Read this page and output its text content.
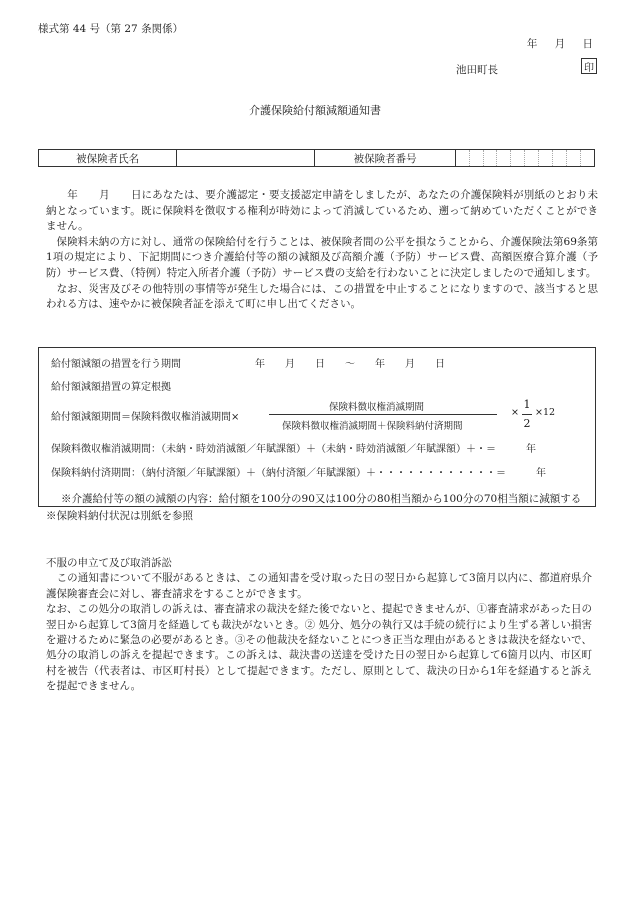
様式第 44 号（第 27 条関係）
年 月 日
池田町長	印
介護保険給付額減額通知書
被保険者氏名		被保険者番号	

　　年　　月　　日にあなたは、要介護認定・要支援認定申請をしましたが、あなたの介護保険料が別紙のとおり未納となっています。既に保険料を徴収する権利が時効によって消滅しているため、遡って納めていただくことができません。

　保険料未納の方に対し、通常の保険給付を行うことは、被保険者間の公平を損なうことから、介護保険法第69条第1項の規定により、下記期間につき介護給付等の額の減額及び高額介護（予防）サービス費、高額医療合算介護（予防）サービス費、（特例）特定入所者介護（予防）サービス費の支給を行わないことに決定しましたので通知します。

　なお、災害及びその他特別の事情等が発生した場合には、この措置を中止することになりますので、該当すると思われる方は、速やかに被保険者証を添えて町に申し出てください。

給付額減額の措置を行う期間	年　　月　　日　　～　　年　　月　　日
給付額減額措置の算定根拠
給付額減額期間＝保険料徴収権消滅期間×
保険料徴収権消滅期間
保険料徴収権消滅期間＋保険料納付済期間
×
1
2
×12
保険料徴収権消滅期間：（未納・時効消滅額／年賦課額）＋（未納・時効消滅額／年賦課額）＋・＝　　　年
保険料納付済期間：（納付済額／年賦課額）＋（納付済額／年賦課額）＋・・・・・・・・・・・・＝　　　年
※介護給付等の額の減額の内容：給付額を100分の90又は100分の80相当額から100分の70相当額に減額する
※保険料納付状況は別紙を参照

不服の申立て及び取消訴訟

　この通知書について不服があるときは、この通知書を受け取った日の翌日から起算して3箇月以内に、都道府県介護保険審査会に対し、審査請求をすることができます。

なお、この処分の取消しの訴えは、審査請求の裁決を経た後でないと、提起できませんが、①審査請求があった日の翌日から起算して3箇月を経過しても裁決がないとき。② 処分、処分の執行又は手続の続行により生ずる著しい損害を避けるために緊急の必要があるとき。③その他裁決を経ないことにつき正当な理由があるときは裁決を経ないで、処分の取消しの訴えを提起できます。この訴えは、裁決書の送達を受けた日の翌日から起算して6箇月以内、市区町村を被告（代表者は、市区町村長）として提起できます。ただし、原則として、裁決の日から1年を経過すると訴えを提起できません。
